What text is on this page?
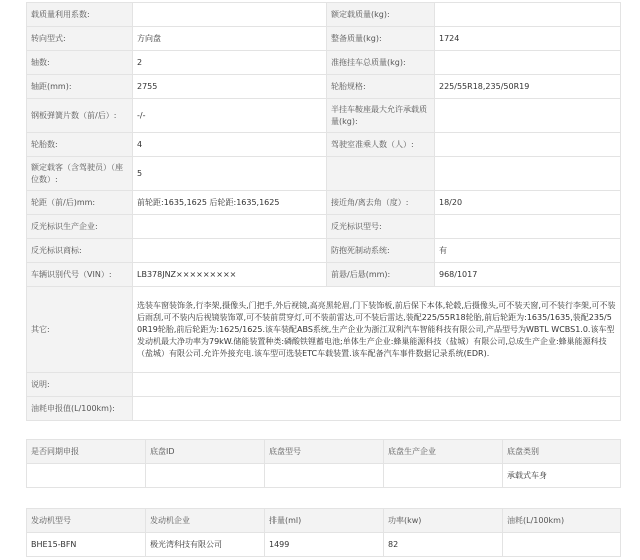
载质量利用系数:		额定载质量(kg):	
转向型式:	方向盘	整备质量(kg):	1724
轴数:	2	准拖挂车总质量(kg):	
轴距(mm):	2755	轮胎规格:	225/55R18,235/50R19
钢板弹簧片数（前/后）:	-/-	半挂车鞍座最大允许承载质量(kg):	
轮胎数:	4	驾驶室准乘人数（人）:	
额定载客（含驾驶员）（座位数）:	5		
轮距（前/后)mm:	前轮距:1635,1625 后轮距:1635,1625	接近角/离去角（度）:	18/20
反光标识生产企业:		反光标识型号:	
反光标识商标:		防抱死制动系统:	有
车辆识别代号（VIN）:	LB378JNZ×××××××××	前悬/后悬(mm):	968/1017
其它:	选装车窗装饰条,行李架,摄像头,门把手,外后视镜,高亮黑轮眉,门下装饰板,前后保下本体,轮毂,后摄像头,可不装天窗,可不装行李架,可不装后雨刮,可不装内后视镜装饰罩,可不装前贯穿灯,可不装前雷达,可不装后雷达,装配225/55R18轮胎,前后轮距为:1635/1635,装配235/50R19轮胎,前后轮距为:1625/1625.该车装配ABS系统,生产企业为浙江双利汽车智能科技有限公司,产品型号为WBTL WCBS1.0.该车型发动机最大净功率为79kW.储能装置种类:磷酸铁锂蓄电池;单体生产企业:蜂巢能源科技（盐城）有限公司,总成生产企业:蜂巢能源科技（盐城）有限公司.允许外接充电.该车型可选装ETC车载装置.该车配备汽车事件数据记录系统(EDR).		
说明:			
油耗申报值(L/100km):			
是否同期申报	底盘ID	底盘型号	底盘生产企业	底盘类别
				承载式车身
发动机型号	发动机企业	排量(ml)	功率(kw)	油耗(L/100km)
BHE15-BFN	极光湾科技有限公司	1499	82	
